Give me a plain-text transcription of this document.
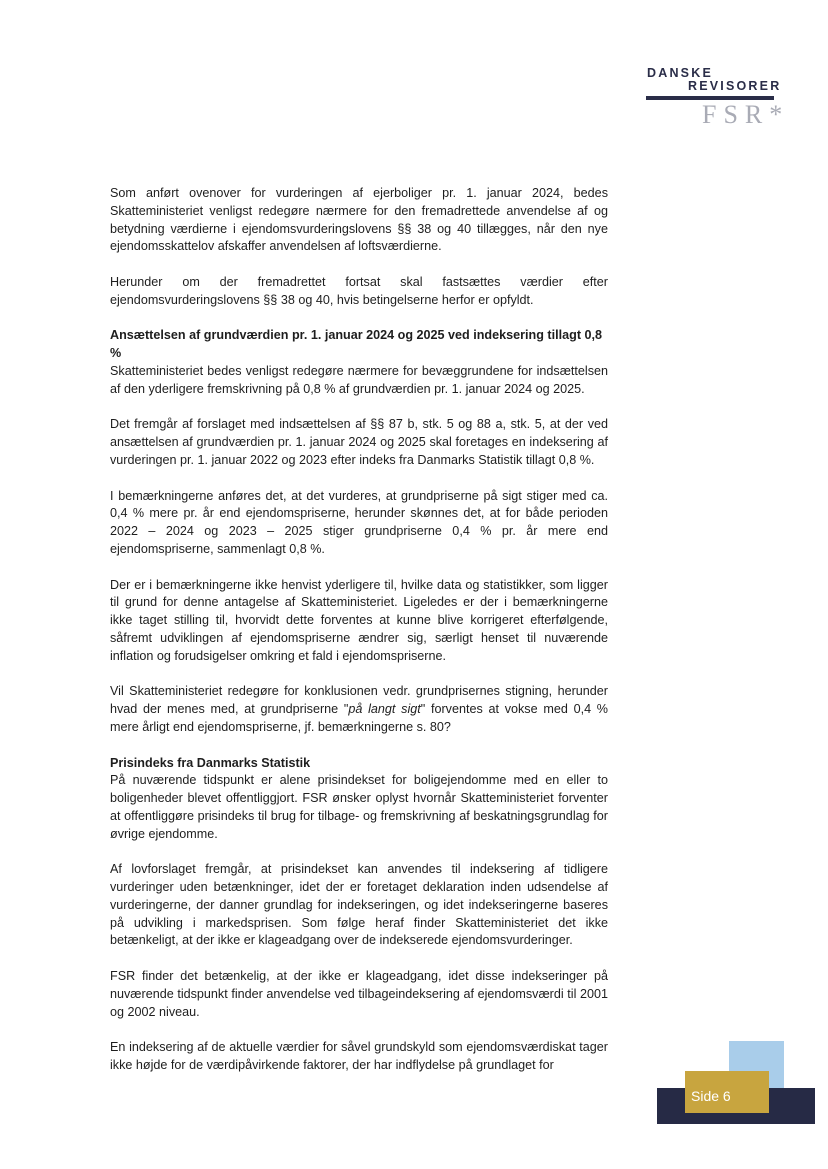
DANSKE
REVISORER
FSR*

Som anført ovenover for vurderingen af ejerboliger pr. 1. januar 2024, bedes Skatteministeriet venligst redegøre nærmere for den fremadrettede anvendelse af og betydning værdierne i ejendomsvurderingslovens §§ 38 og 40 tillægges, når den nye ejendomsskattelov afskaffer anvendelsen af loftsværdierne.

Herunder om der fremadrettet fortsat skal fastsættes værdier efter ejendomsvurderingslovens §§ 38 og 40, hvis betingelserne herfor er opfyldt.

Ansættelsen af grundværdien pr. 1. januar 2024 og 2025 ved indeksering tillagt 0,8 %

Skatteministeriet bedes venligst redegøre nærmere for bevæggrundene for indsættelsen af den yderligere fremskrivning på 0,8 % af grundværdien pr. 1. januar 2024 og 2025.

Det fremgår af forslaget med indsættelsen af §§ 87 b, stk. 5 og 88 a, stk. 5, at der ved ansættelsen af grundværdien pr. 1. januar 2024 og 2025 skal foretages en indeksering af vurderingen pr. 1. januar 2022 og 2023 efter indeks fra Danmarks Statistik tillagt 0,8 %.

I bemærkningerne anføres det, at det vurderes, at grundpriserne på sigt stiger med ca. 0,4 % mere pr. år end ejendomspriserne, herunder skønnes det, at for både perioden 2022 – 2024 og 2023 – 2025 stiger grundpriserne 0,4 % pr. år mere end ejendomspriserne, sammenlagt 0,8 %.

Der er i bemærkningerne ikke henvist yderligere til, hvilke data og statistikker, som ligger til grund for denne antagelse af Skatteministeriet. Ligeledes er der i bemærkningerne ikke taget stilling til, hvorvidt dette forventes at kunne blive korrigeret efterfølgende, såfremt udviklingen af ejendomspriserne ændrer sig, særligt henset til nuværende inflation og forudsigelser omkring et fald i ejendomspriserne.

Vil Skatteministeriet redegøre for konklusionen vedr. grundprisernes stigning, herunder hvad der menes med, at grundpriserne "på langt sigt" forventes at vokse med 0,4 % mere årligt end ejendomspriserne, jf. bemærkningerne s. 80?

Prisindeks fra Danmarks Statistik

På nuværende tidspunkt er alene prisindekset for boligejendomme med en eller to boligenheder blevet offentliggjort. FSR ønsker oplyst hvornår Skatteministeriet forventer at offentliggøre prisindeks til brug for tilbage- og fremskrivning af beskatningsgrundlag for øvrige ejendomme.

Af lovforslaget fremgår, at prisindekset kan anvendes til indeksering af tidligere vurderinger uden betænkninger, idet der er foretaget deklaration inden udsendelse af vurderingerne, der danner grundlag for indekseringen, og idet indekseringerne baseres på udvikling i markedsprisen. Som følge heraf finder Skatteministeriet det ikke betænkeligt, at der ikke er klageadgang over de indekserede ejendomsvurderinger.

FSR finder det betænkelig, at der ikke er klageadgang, idet disse indekseringer på nuværende tidspunkt finder anvendelse ved tilbageindeksering af ejendomsværdi til 2001 og 2002 niveau.

En indeksering af de aktuelle værdier for såvel grundskyld som ejendomsværdiskat tager ikke højde for de værdipåvirkende faktorer, der har indflydelse på grundlaget for

Side 6
